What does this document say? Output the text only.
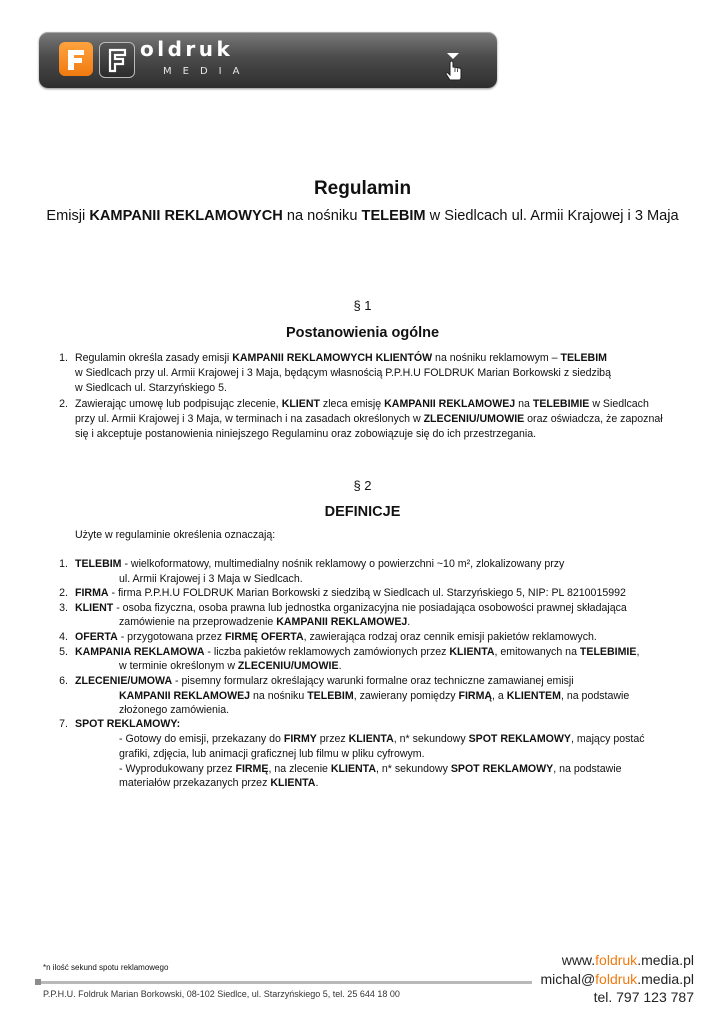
oldruk
MEDIA
Regulamin
Emisji KAMPANII REKLAMOWYCH na nośniku TELEBIM w Siedlcach ul. Armii Krajowej i 3 Maja
§ 1
Postanowienia ogólne
1. Regulamin określa zasady emisji KAMPANII REKLAMOWYCH KLIENTÓW na nośniku reklamowym – TELEBIM
w Siedlcach przy ul. Armii Krajowej i 3 Maja, będącym własnością P.P.H.U FOLDRUK Marian Borkowski z siedzibą
w Siedlcach ul. Starzyńskiego 5.
2. Zawierając umowę lub podpisując zlecenie, KLIENT zleca emisję KAMPANII REKLAMOWEJ na TELEBIMIE w Siedlcach
przy ul. Armii Krajowej i 3 Maja, w terminach i na zasadach określonych w ZLECENIU/UMOWIE oraz oświadcza, że zapoznał
się i akceptuje postanowienia niniejszego Regulaminu oraz zobowiązuje się do ich przestrzegania.
§ 2
DEFINICJE
Użyte w regulaminie określenia oznaczają:
1. TELEBIM - wielkoformatowy, multimedialny nośnik reklamowy o powierzchni ~10 m², zlokalizowany przy
ul. Armii Krajowej i 3 Maja w Siedlcach.
2. FIRMA - firma P.P.H.U FOLDRUK Marian Borkowski z siedzibą w Siedlcach ul. Starzyńskiego 5, NIP: PL 8210015992
3. KLIENT - osoba fizyczna, osoba prawna lub jednostka organizacyjna nie posiadająca osobowości prawnej składająca
zamówienie na przeprowadzenie KAMPANII REKLAMOWEJ.
4. OFERTA - przygotowana przez FIRMĘ OFERTA, zawierająca rodzaj oraz cennik emisji pakietów reklamowych.
5. KAMPANIA REKLAMOWA - liczba pakietów reklamowych zamówionych przez KLIENTA, emitowanych na TELEBIMIE,
w terminie określonym w ZLECENIU/UMOWIE.
6. ZLECENIE/UMOWA - pisemny formularz określający warunki formalne oraz techniczne zamawianej emisji
KAMPANII REKLAMOWEJ na nośniku TELEBIM, zawierany pomiędzy FIRMĄ, a KLIENTEM, na podstawie
złożonego zamówienia.
7. SPOT REKLAMOWY:
- Gotowy do emisji, przekazany do FIRMY przez KLIENTA, n* sekundowy SPOT REKLAMOWY, mający postać
grafiki, zdjęcia, lub animacji graficznej lub filmu w pliku cyfrowym.
- Wyprodukowany przez FIRMĘ, na zlecenie KLIENTA, n* sekundowy SPOT REKLAMOWY, na podstawie
materiałów przekazanych przez KLIENTA.
*n ilość sekund spotu reklamowego
P.P.H.U. Foldruk Marian Borkowski, 08-102 Siedlce, ul. Starzyńskiego 5, tel. 25 644 18 00
www.foldruk.media.pl
michal@foldruk.media.pl
tel. 797 123 787
